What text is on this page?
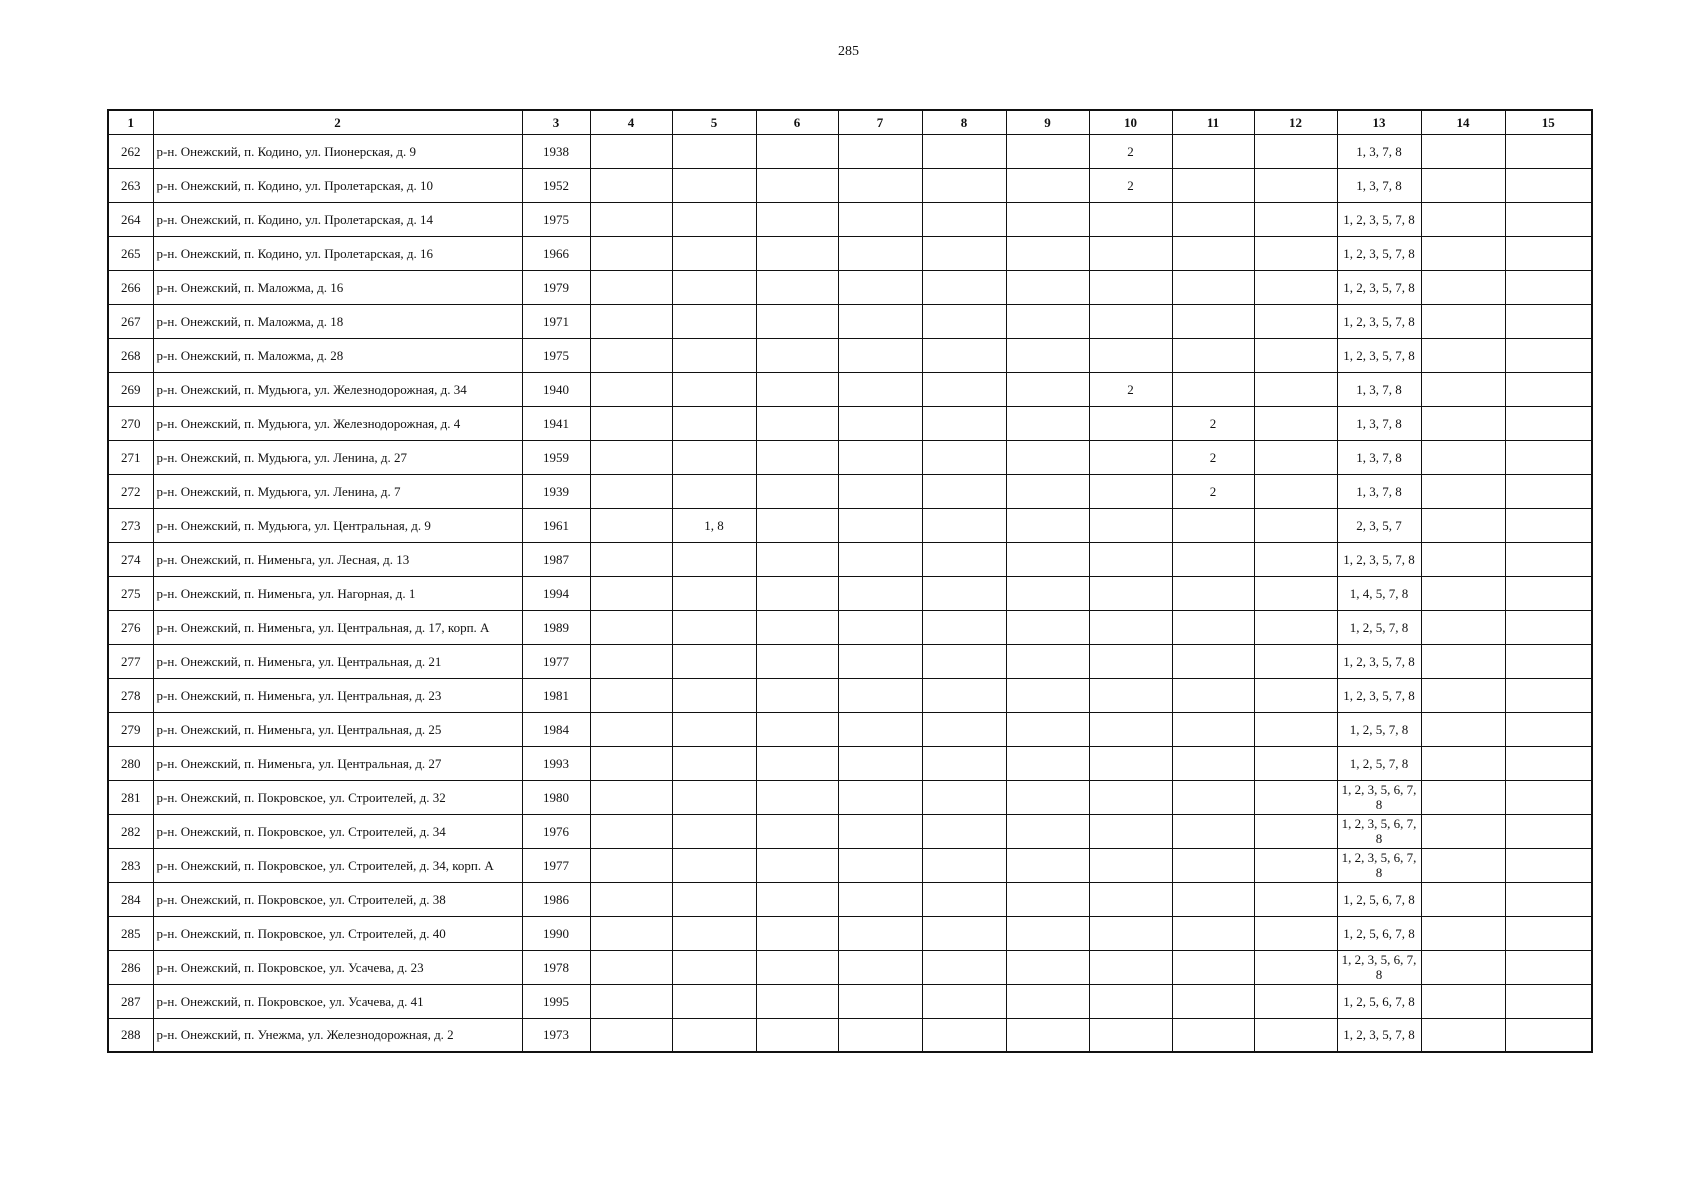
285
1	2	3	4	5	6	7	8	9	10	11	12	13	14	15
262	р-н. Онежский, п. Кодино, ул. Пионерская, д. 9	1938							2			1, 3, 7, 8		
263	р-н. Онежский, п. Кодино, ул. Пролетарская, д. 10	1952							2			1, 3, 7, 8		
264	р-н. Онежский, п. Кодино, ул. Пролетарская, д. 14	1975										1, 2, 3, 5, 7, 8		
265	р-н. Онежский, п. Кодино, ул. Пролетарская, д. 16	1966										1, 2, 3, 5, 7, 8		
266	р-н. Онежский, п. Маложма, д. 16	1979										1, 2, 3, 5, 7, 8		
267	р-н. Онежский, п. Маложма, д. 18	1971										1, 2, 3, 5, 7, 8		
268	р-н. Онежский, п. Маложма, д. 28	1975										1, 2, 3, 5, 7, 8		
269	р-н. Онежский, п. Мудьюга, ул. Железнодорожная, д. 34	1940							2			1, 3, 7, 8		
270	р-н. Онежский, п. Мудьюга, ул. Железнодорожная, д. 4	1941								2		1, 3, 7, 8		
271	р-н. Онежский, п. Мудьюга, ул. Ленина, д. 27	1959								2		1, 3, 7, 8		
272	р-н. Онежский, п. Мудьюга, ул. Ленина, д. 7	1939								2		1, 3, 7, 8		
273	р-н. Онежский, п. Мудьюга, ул. Центральная, д. 9	1961		1, 8								2, 3, 5, 7		
274	р-н. Онежский, п. Нименьга, ул. Лесная, д. 13	1987										1, 2, 3, 5, 7, 8		
275	р-н. Онежский, п. Нименьга, ул. Нагорная, д. 1	1994										1, 4, 5, 7, 8		
276	р-н. Онежский, п. Нименьга, ул. Центральная, д. 17, корп. А	1989										1, 2, 5, 7, 8		
277	р-н. Онежский, п. Нименьга, ул. Центральная, д. 21	1977										1, 2, 3, 5, 7, 8		
278	р-н. Онежский, п. Нименьга, ул. Центральная, д. 23	1981										1, 2, 3, 5, 7, 8		
279	р-н. Онежский, п. Нименьга, ул. Центральная, д. 25	1984										1, 2, 5, 7, 8		
280	р-н. Онежский, п. Нименьга, ул. Центральная, д. 27	1993										1, 2, 5, 7, 8		
281	р-н. Онежский, п. Покровское, ул. Строителей, д. 32	1980										1, 2, 3, 5, 6, 7, 8		
282	р-н. Онежский, п. Покровское, ул. Строителей, д. 34	1976										1, 2, 3, 5, 6, 7, 8		
283	р-н. Онежский, п. Покровское, ул. Строителей, д. 34, корп. А	1977										1, 2, 3, 5, 6, 7, 8		
284	р-н. Онежский, п. Покровское, ул. Строителей, д. 38	1986										1, 2, 5, 6, 7, 8		
285	р-н. Онежский, п. Покровское, ул. Строителей, д. 40	1990										1, 2, 5, 6, 7, 8		
286	р-н. Онежский, п. Покровское, ул. Усачева, д. 23	1978										1, 2, 3, 5, 6, 7, 8		
287	р-н. Онежский, п. Покровское, ул. Усачева, д. 41	1995										1, 2, 5, 6, 7, 8		
288	р-н. Онежский, п. Унежма, ул. Железнодорожная, д. 2	1973										1, 2, 3, 5, 7, 8		
